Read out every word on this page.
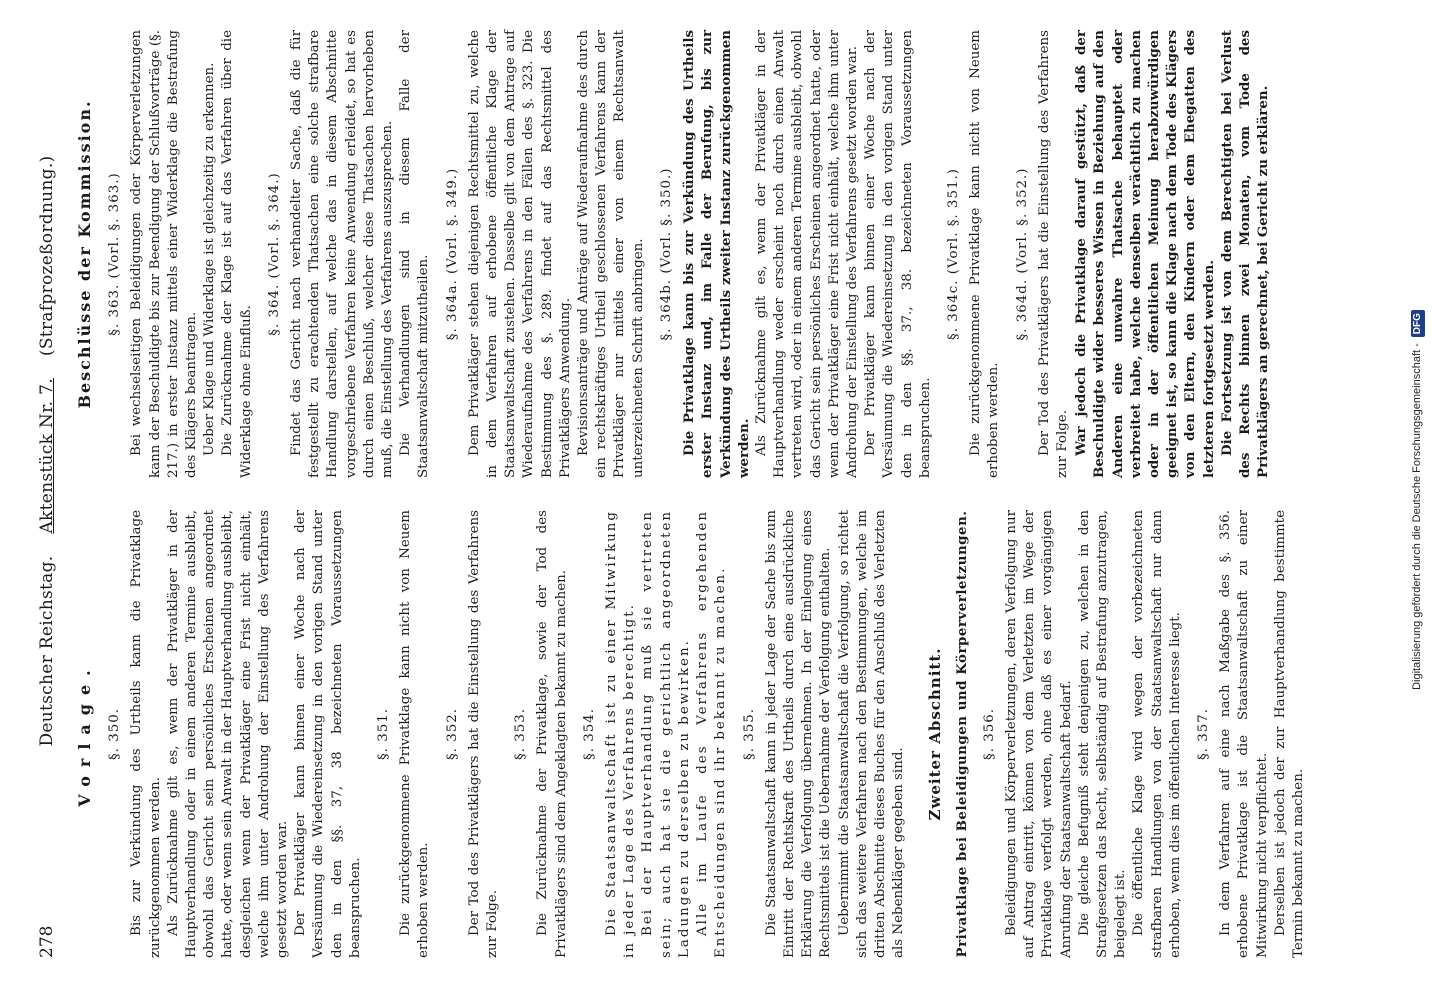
278
Deutscher Reichstag.Aktenstück Nr. 7.(Strafprozeßordnung.)
Vorlage. §. 350. Bis zur Verkündung des Urtheils kann die Privatklage zurückgenommen werden. Als Zurücknahme gilt es, wenn der Privatkläger in der Hauptverhandlung oder in einem anderen Termine ausbleibt, obwohl das Gericht sein persönliches Erscheinen angeordnet hatte, oder wenn sein Anwalt in der Hauptverhandlung ausbleibt, desgleichen wenn der Privatkläger eine Frist nicht einhält, welche ihm unter Androhung der Einstellung des Verfahrens gesetzt worden war. Der Privatkläger kann binnen einer Woche nach der Versäumung die Wiedereinsetzung in den vorigen Stand unter den in den §§. 37, 38 bezeichneten Voraussetzungen beanspruchen.
§. 351. Die zurückgenommene Privatklage kann nicht von Neuem erhoben werden.
§. 352. Der Tod des Privatklägers hat die Einstellung des Verfahrens zur Folge.
§. 353. Die Zurücknahme der Privatklage, sowie der Tod des Privatklägers sind dem Angeklagten bekannt zu machen. §. 354. Die Staatsanwaltschaft ist zu einer Mitwirkung in jeder Lage des Verfahrens berechtigt. Bei der Hauptverhandlung muß sie vertreten sein; auch hat sie die gerichtlich angeordneten Ladungen zu derselben zu bewirken. Alle im Laufe des Verfahrens ergehenden Entscheidungen sind ihr bekannt zu machen. §. 355. Die Staatsanwaltschaft kann in jeder Lage der Sache bis zum Eintritt der Rechtskraft des Urtheils durch eine ausdrückliche Erklärung die Verfolgung übernehmen. In der Einlegung eines Rechtsmittels ist die Uebernahme der Verfolgung enthalten. Uebernimmt die Staatsanwaltschaft die Verfolgung, so richtet sich das weitere Verfahren nach den Bestimmungen, welche im dritten Abschnitte dieses Buches für den Anschluß des Verletzten als Nebenkläger gegeben sind.
Zweiter Abschnitt. Privatklage bei Beleidigungen und Körperverletzungen. §. 356. Beleidigungen und Körperverletzungen, deren Verfolgung nur auf Antrag eintritt, können von dem Verletzten im Wege der Privatklage verfolgt werden, ohne daß es einer vorgängigen Anrufung der Staatsanwaltschaft bedarf. Die gleiche Befugniß steht denjenigen zu, welchen in den Strafgesetzen das Recht, selbständig auf Bestrafung anzutragen, beigelegt ist. Die öffentliche Klage wird wegen der vorbezeichneten strafbaren Handlungen von der Staatsanwaltschaft nur dann erhoben, wenn dies im öffentlichen Interesse liegt. §. 357. In dem Verfahren auf eine nach Maßgabe des §. 356. erhobene Privatklage ist die Staatsanwaltschaft zu einer Mitwirkung nicht verpflichtet. Derselben ist jedoch der zur Hauptverhandlung bestimmte Termin bekannt zu machen.
Beschlüsse der Kommission. §. 363. (Vorl. §. 363.) Bei wechselseitigen Beleidigungen oder Körperverletzungen kann der Beschuldigte bis zur Beendigung der Schlußvorträge (§. 217.) in erster Instanz mittels einer Widerklage die Bestrafung des Klägers beantragen. Ueber Klage und Widerklage ist gleichzeitig zu erkennen. Die Zurücknahme der Klage ist auf das Verfahren über die Widerklage ohne Einfluß.
§. 364. (Vorl. §. 364.) Findet das Gericht nach verhandelter Sache, daß die für festgestellt zu erachtenden Thatsachen eine solche strafbare Handlung darstellen, auf welche das in diesem Abschnitte vorgeschriebene Verfahren keine Anwendung erleidet, so hat es durch einen Beschluß, welcher diese Thatsachen hervorheben muß, die Einstellung des Verfahrens auszusprechen. Die Verhandlungen sind in diesem Falle der Staatsanwaltschaft mitzutheilen.
§. 364a. (Vorl. §. 349.) Dem Privatkläger stehen diejenigen Rechtsmittel zu, welche in dem Verfahren auf erhobene öffentliche Klage der Staatsanwaltschaft zustehen. Dasselbe gilt von dem Antrage auf Wiederaufnahme des Verfahrens in den Fällen des §. 323. Die Bestimmung des §. 289. findet auf das Rechtsmittel des Privatklägers Anwendung. Revisionsanträge und Anträge auf Wiederaufnahme des durch ein rechtskräftiges Urtheil geschlossenen Verfahrens kann der Privatkläger nur mittels einer von einem Rechtsanwalt unterzeichneten Schrift anbringen. §. 364b. (Vorl. §. 350.) Die Privatklage kann bis zur Verkündung des Urtheils erster Instanz und, im Falle der Berufung, bis zur Verkündung des Urtheils zweiter Instanz zurückgenommen werden. Als Zurücknahme gilt es, wenn der Privatkläger in der Hauptverhandlung weder erscheint noch durch einen Anwalt vertreten wird, oder in einem anderen Termine ausbleibt, obwohl das Gericht sein persönliches Erscheinen angeordnet hatte, oder wenn der Privatkläger eine Frist nicht einhält, welche ihm unter Androhung der Einstellung des Verfahrens gesetzt worden war. Der Privatkläger kann binnen einer Woche nach der Versäumung die Wiedereinsetzung in den vorigen Stand unter den in den §§. 37., 38. bezeichneten Voraussetzungen beanspruchen.
§. 364c. (Vorl. §. 351.) Die zurückgenommene Privatklage kann nicht von Neuem erhoben werden.
§. 364d. (Vorl. §. 352.) Der Tod des Privatklägers hat die Einstellung des Verfahrens zur Folge. War jedoch die Privatklage darauf gestützt, daß der Beschuldigte wider besseres Wissen in Beziehung auf den Anderen eine unwahre Thatsache behauptet oder verbreitet habe, welche denselben verächtlich zu machen oder in der öffentlichen Meinung herabzuwürdigen geeignet ist, so kann die Klage nach dem Tode des Klägers von den Eltern, den Kindern oder dem Ehegatten des letzteren fortgesetzt werden. Die Fortsetzung ist von dem Berechtigten bei Verlust des Rechts binnen zwei Monaten, vom Tode des Privatklägers an gerechnet, bei Gericht zu erklären.
Digitalisierung gefördert durch die Deutsche Forschungsgemeinschaft -DFG
